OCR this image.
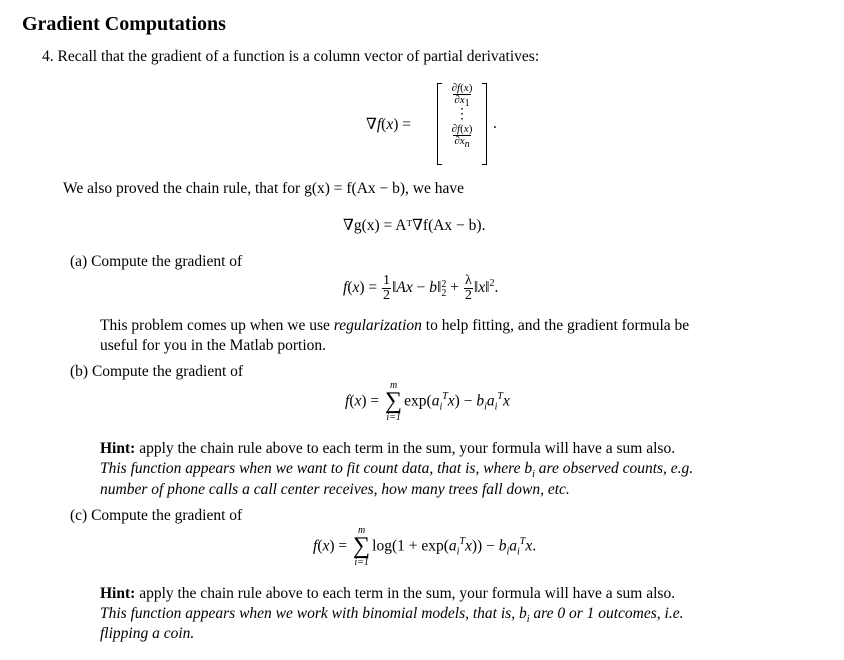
Gradient Computations
4. Recall that the gradient of a function is a column vector of partial derivatives:
∇f(x) =
$\frac{\partial f(x)}{\partial x_1}$
⋮
$\frac{\partial f(x)}{\partial x_n}$
.
We also proved the chain rule, that for g(x) = f(Ax − b), we have
∇g(x) = Aᵀ∇f(Ax − b).
(a) Compute the gradient of
$f(x) = \frac{1}{2}$ ‖Ax − b‖ 2
$2 + \frac{\lambda}{2}$ ‖x‖$^2$.
This problem comes up when we use regularization to help fitting, and the gradient formula be
useful for you in the Matlab portion.
(b) Compute the gradient of
f(x) =
m
∑
i=1
$\exp(a_i^Tx) - b_ia_i^Tx$
Hint: apply the chain rule above to each term in the sum, your formula will have a sum also.
This function appears when we want to fit count data, that is, where $b_i$ are observed counts, e.g.
number of phone calls a call center receives, how many trees fall down, etc.
(c) Compute the gradient of
f(x) =
m
∑
i=1
$\log(1 + \exp(a_i^Tx)) - b_ia_i^Tx$.
Hint: apply the chain rule above to each term in the sum, your formula will have a sum also.
This function appears when we work with binomial models, that is, $b_i$ are 0 or 1 outcomes, i.e.
flipping a coin.
